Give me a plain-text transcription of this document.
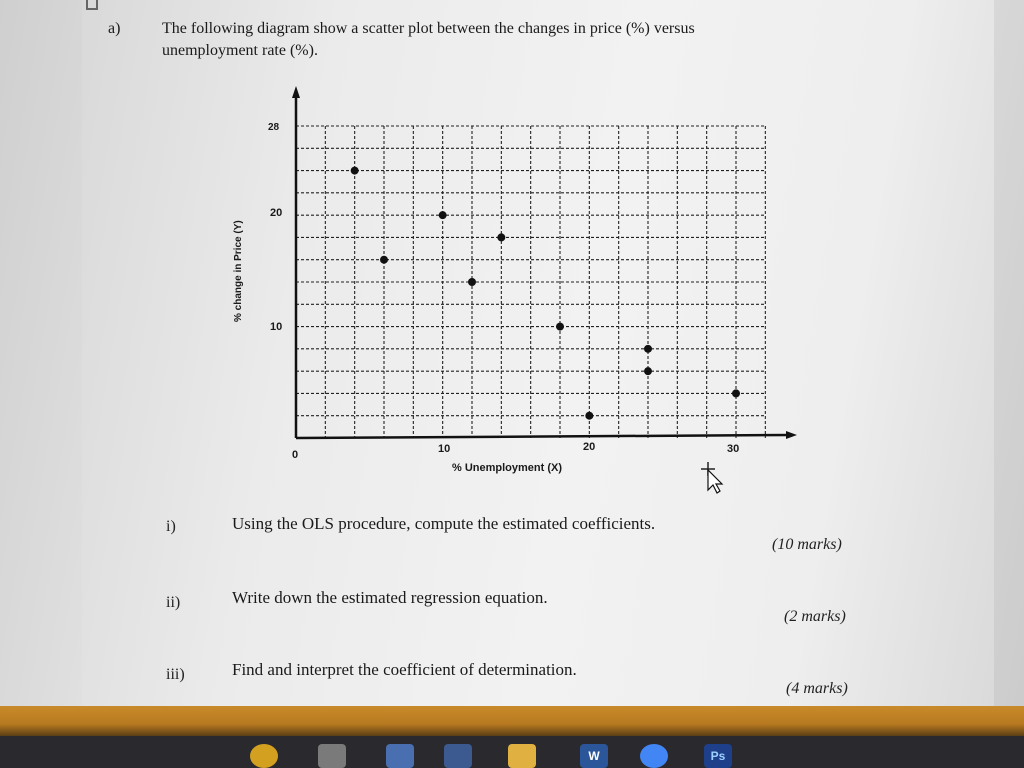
a)	The following diagram show a scatter plot between the changes in price (%) versus
unemployment rate (%).
28
20
10
0	10	20	30
% Unemployment (X)
% change in Price (Y)
i)	Using the OLS procedure, compute the estimated coefficients.
(10 marks)
ii)	Write down the estimated regression equation.
(2 marks)
iii)	Find and interpret the coefficient of determination.
(4 marks)
W	Ps
